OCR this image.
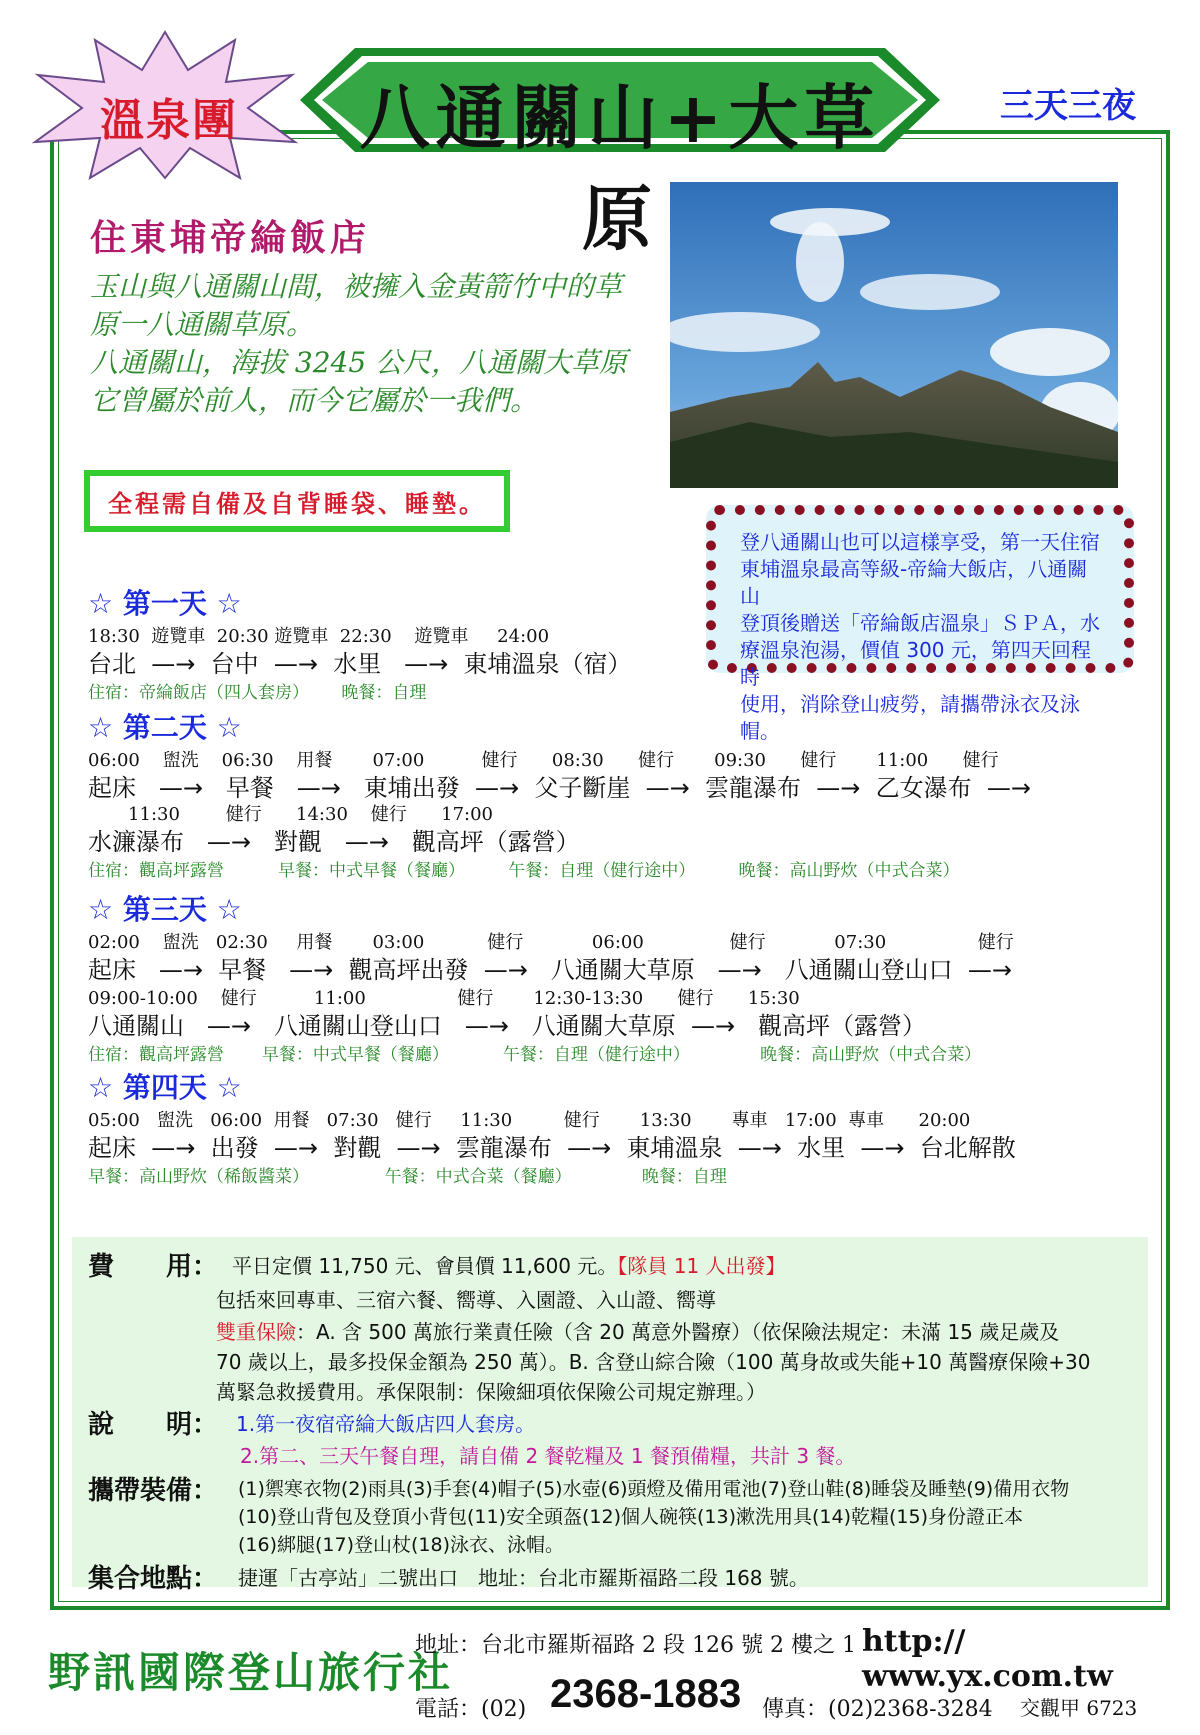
溫泉團	八通關山+大草原
三天三夜
住東埔帝綸飯店
玉山與八通關山間，被擁入金黃箭竹中的草
原一八通關草原。
八通關山，海拔 3245 公尺，八通關大草原
它曾屬於前人，而今它屬於一我們。
全程需自備及自背睡袋、睡墊。
登八通關山也可以這樣享受，第一天住宿
東埔溫泉最高等級-帝綸大飯店，八通關山
登頂後贈送「帝綸飯店溫泉」ＳＰＡ，水
療溫泉泡湯，價值 300 元，第四天回程時
使用，消除登山疲勞，請攜帶泳衣及泳帽。
☆ 第一天 ☆
18:30  遊覽車  20:30 遊覽車  22:30    遊覽車     24:00
台北  —→  台中  —→  水里   —→  東埔溫泉（宿）
住宿：帝綸飯店（四人套房）      晚餐：自理
☆ 第二天 ☆
06:00    盥洗    06:30    用餐       07:00          健行      08:30      健行       09:30      健行       11:00      健行
起床   —→   早餐   —→   東埔出發  —→  父子斷崖  —→  雲龍瀑布  —→  乙女瀑布  —→
11:30        健行      14:30    健行      17:00
水濂瀑布   —→   對觀   —→   觀高坪（露營）
住宿：觀高坪露營          早餐：中式早餐（餐廳）        午餐：自理（健行途中）        晚餐：高山野炊（中式合菜）
☆ 第三天 ☆
02:00    盥洗   02:30     用餐       03:00           健行            06:00               健行            07:30                健行
起床   —→  早餐   —→  觀高坪出發  —→   八通關大草原   —→   八通關山登山口  —→
09:00-10:00    健行          11:00                健行       12:30-13:30      健行      15:30
八通關山   —→   八通關山登山口   —→   八通關大草原  —→   觀高坪（露營）
住宿：觀高坪露營       早餐：中式早餐（餐廳）          午餐：自理（健行途中）             晚餐：高山野炊（中式合菜）
☆ 第四天 ☆
05:00   盥洗   06:00  用餐   07:30   健行     11:30         健行       13:30       專車   17:00  專車      20:00
起床  —→  出發  —→  對觀  —→  雲龍瀑布  —→  東埔溫泉  —→  水里  —→  台北解散
早餐：高山野炊（稀飯醬菜）              午餐：中式合菜（餐廳）             晚餐：自理
費　　用： 平日定價 11,750 元、會員價 11,600 元。【隊員 11 人出發】
包括來回專車、三宿六餐、嚮導、入園證、入山證、嚮導
雙重保險：A. 含 500 萬旅行業責任險（含 20 萬意外醫療）（依保險法規定：未滿 15 歲足歲及
70 歲以上，最多投保金額為 250 萬）。B. 含登山綜合險（100 萬身故或失能+10 萬醫療保險+30
萬緊急救援費用。承保限制：保險細項依保險公司規定辦理。）
說　　明： 1.第一夜宿帝綸大飯店四人套房。
2.第二、三天午餐自理，請自備 2 餐乾糧及 1 餐預備糧，共計 3 餐。
攜帶裝備： (1)禦寒衣物(2)雨具(3)手套(4)帽子(5)水壺(6)頭燈及備用電池(7)登山鞋(8)睡袋及睡墊(9)備用衣物
(10)登山背包及登頂小背包(11)安全頭盔(12)個人碗筷(13)漱洗用具(14)乾糧(15)身份證正本
(16)綁腿(17)登山杖(18)泳衣、泳帽。
集合地點： 捷運「古亭站」二號出口　地址：台北市羅斯福路二段 168 號。
野訊國際登山旅行社
地址：台北市羅斯福路 2 段 126 號 2 樓之 1 http:// www.yx.com.tw
電話：(02) 2368-1883 傳真：(02)2368-3284 交觀甲 6723
